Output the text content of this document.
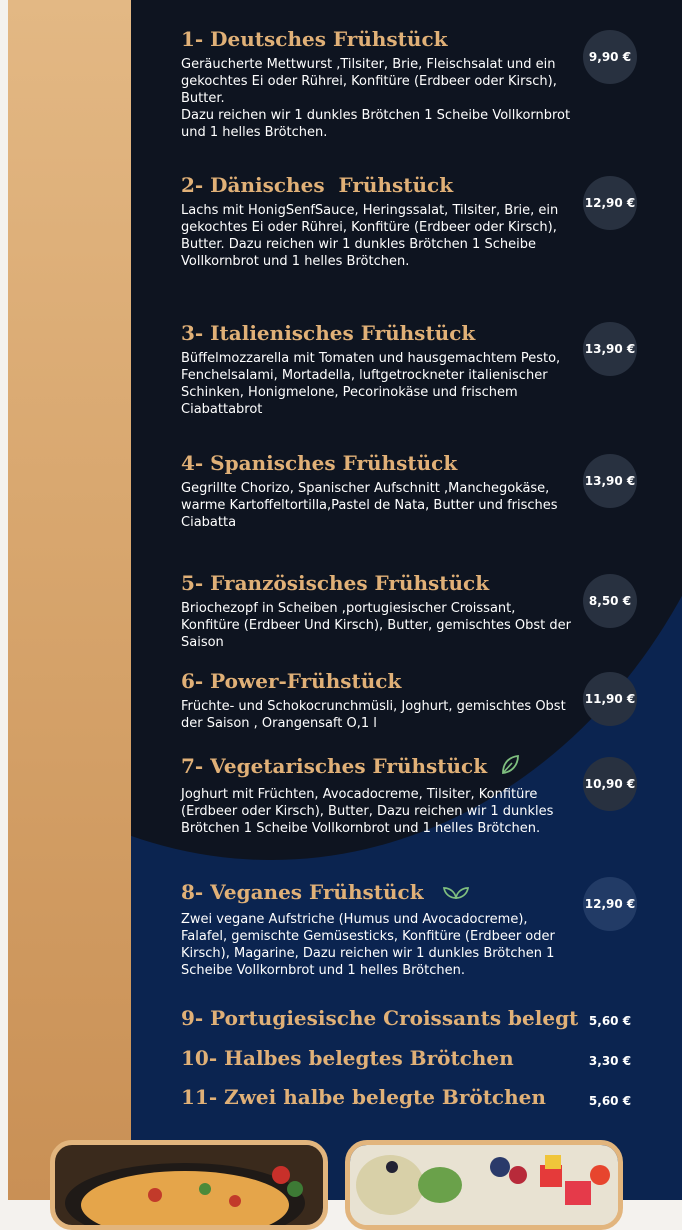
1- Deutsches Frühstück
Geräucherte Mettwurst ,Tilsiter, Brie, Fleischsalat und ein gekochtes Ei oder Rührei, Konfitüre (Erdbeer oder Kirsch), Butter.
Dazu reichen wir 1 dunkles Brötchen 1 Scheibe Vollkornbrot und 1 helles Brötchen.
9,90 €
2- Dänisches  Frühstück
Lachs mit HonigSenfSauce, Heringssalat, Tilsiter, Brie, ein gekochtes Ei oder Rührei, Konfitüre (Erdbeer oder Kirsch), Butter. Dazu reichen wir 1 dunkles Brötchen 1 Scheibe Vollkornbrot und 1 helles Brötchen.
12,90 €
3- Italienisches Frühstück
Büffelmozzarella mit Tomaten und hausgemachtem Pesto, Fenchelsalami, Mortadella, luftgetrockneter italienischer Schinken, Honigmelone, Pecorinokäse und frischem Ciabattabrot
13,90 €
4- Spanisches Frühstück
Gegrillte Chorizo, Spanischer Aufschnitt ,Manchegokäse, warme Kartoffeltortilla,Pastel de Nata, Butter und frisches Ciabatta
13,90 €
5- Französisches Frühstück
Briochezopf in Scheiben ,portugiesischer Croissant, Konfitüre (Erdbeer Und Kirsch), Butter, gemischtes Obst der Saison
8,50 €
6- Power-Frühstück
Früchte- und Schokocrunchmüsli, Joghurt, gemischtes Obst der Saison , Orangensaft O,1 l
11,90 €
7- Vegetarisches Frühstück
Joghurt mit Früchten, Avocadocreme, Tilsiter, Konfitüre (Erdbeer oder Kirsch), Butter, Dazu reichen wir 1 dunkles Brötchen 1 Scheibe Vollkornbrot und 1 helles Brötchen.
10,90 €
8- Veganes Frühstück
Zwei vegane Aufstriche (Humus und Avocadocreme), Falafel, gemischte Gemüsesticks, Konfitüre (Erdbeer oder Kirsch), Magarine, Dazu reichen wir 1 dunkles Brötchen 1 Scheibe Vollkornbrot und 1 helles Brötchen.
12,90 €
9- Portugiesische Croissants belegt 5,60 €
10- Halbes belegtes Brötchen	3,30 €
11- Zwei halbe belegte Brötchen	5,60 €
